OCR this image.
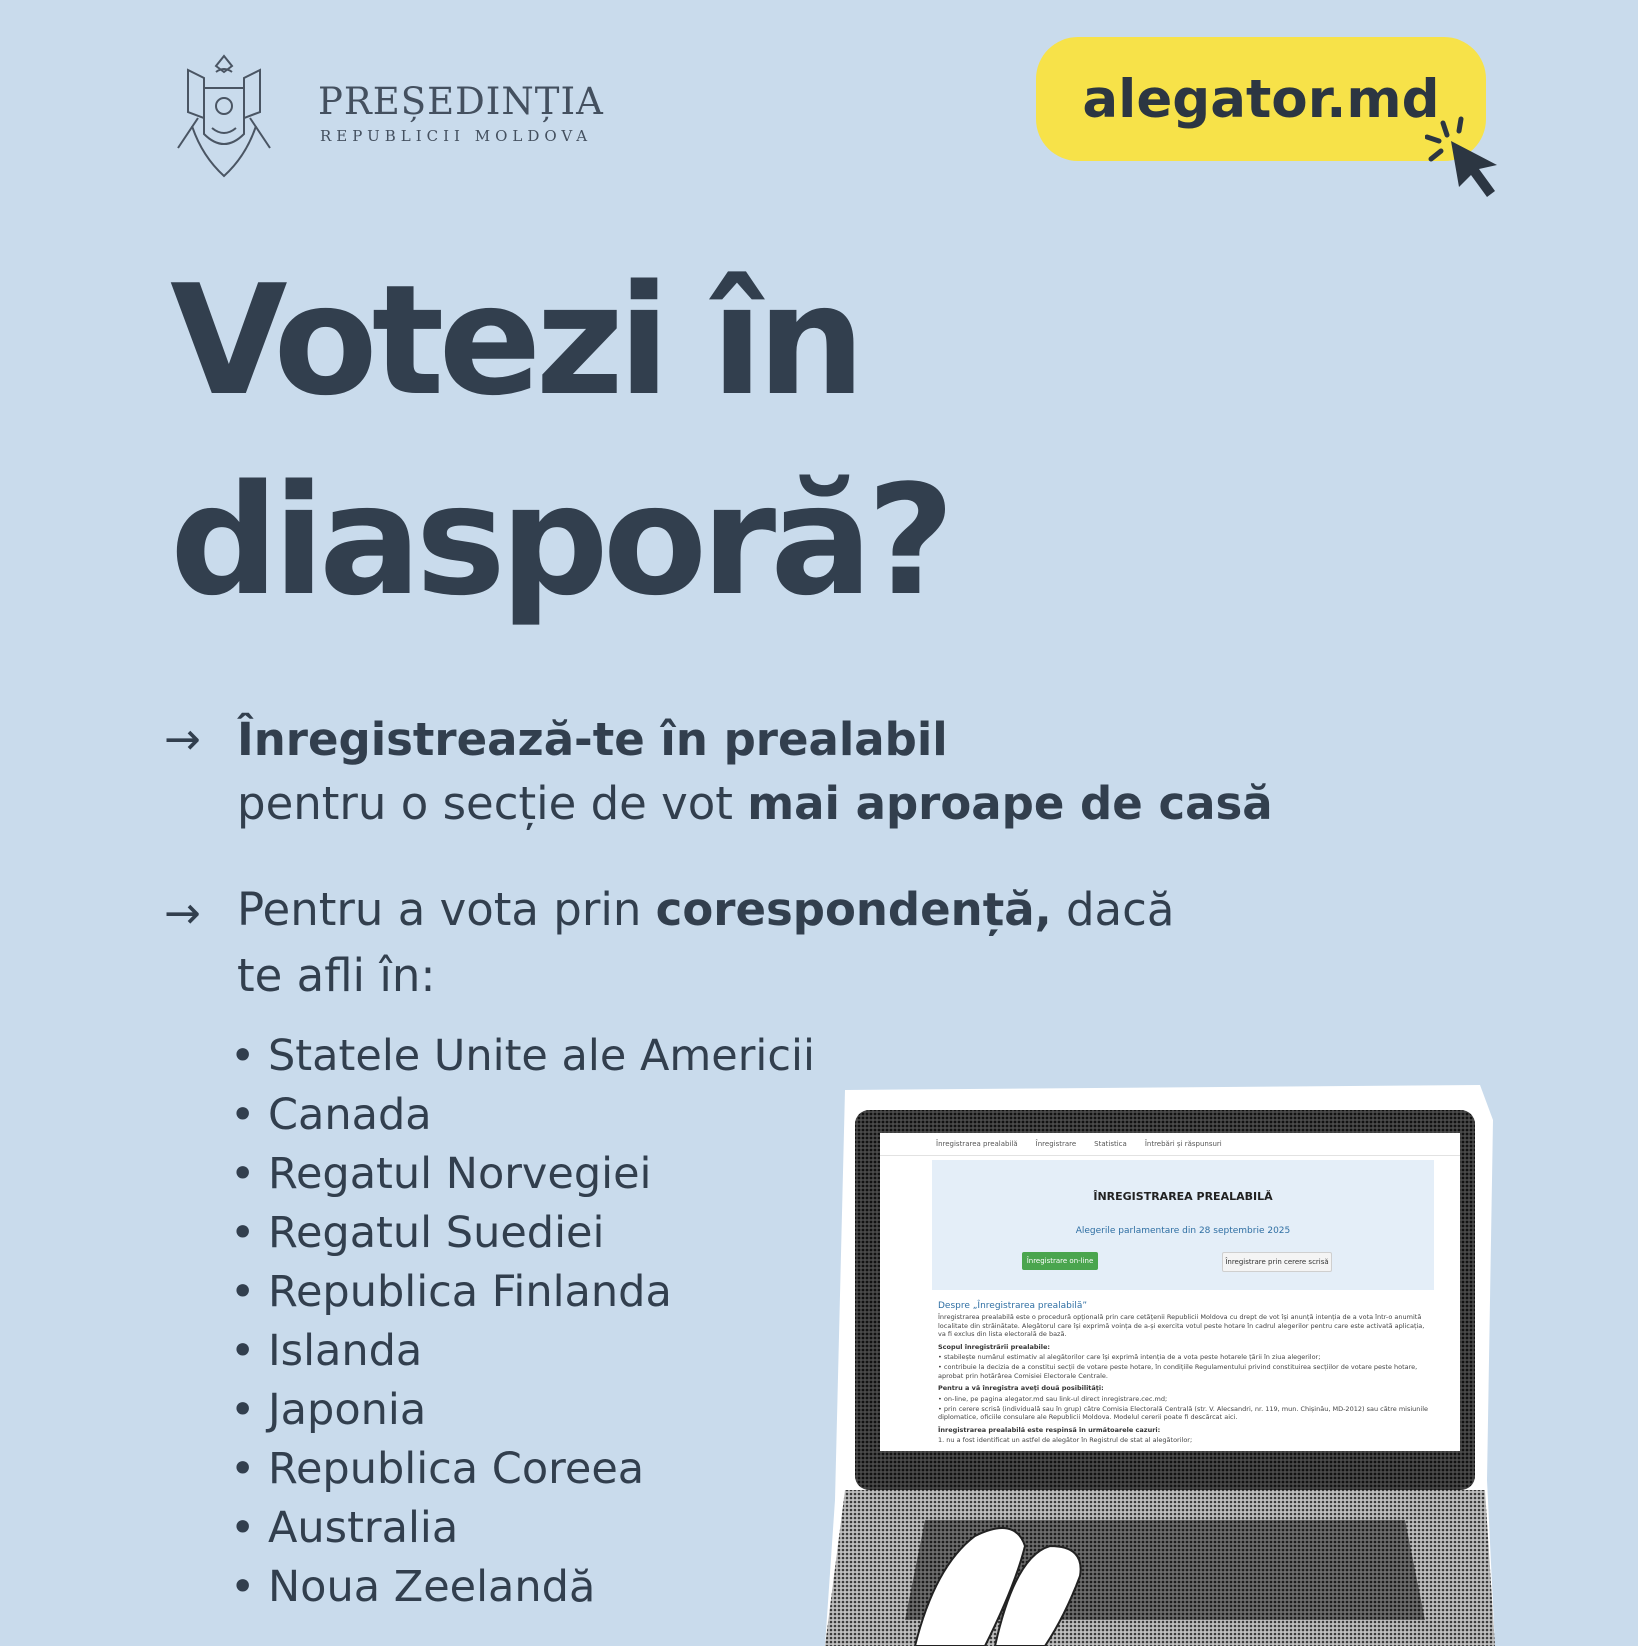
PREȘEDINȚIA
REPUBLICII MOLDOVA
alegator.md
Votezi în
diasporă?
→ Înregistrează-te în prealabil
pentru o secție de vot mai aproape de casă
→ Pentru a vota prin corespondență, dacă
te afli în:
• Statele Unite ale Americii
• Canada
• Regatul Norvegiei
• Regatul Suediei
• Republica Finlanda
• Islanda
• Japonia
• Republica Coreea
• Australia
• Noua Zeelandă
Înregistrarea prealabilă	Înregistrare	Statistica	Întrebări și răspunsuri
ÎNREGISTRAREA PREALABILĂ
Alegerile parlamentare din 28 septembrie 2025
Înregistrare on-line	Înregistrare prin cerere scrisă
Despre „Înregistrarea prealabilă”

Înregistrarea prealabilă este o procedură opțională prin care cetățenii Republicii Moldova cu drept de vot își anunță intenția de a vota într-o anumită localitate din străinătate. Alegătorul care își exprimă voința de a-și exercita votul peste hotare în cadrul alegerilor pentru care este activată aplicația, va fi exclus din lista electorală de bază.

Scopul înregistrării prealabile:

• stabilește numărul estimativ al alegătorilor care își exprimă intenția de a vota peste hotarele țării în ziua alegerilor;

• contribuie la decizia de a constitui secții de votare peste hotare, în condițiile Regulamentului privind constituirea secțiilor de votare peste hotare, aprobat prin hotărârea Comisiei Electorale Centrale.

Pentru a vă înregistra aveți două posibilități:

• on-line, pe pagina alegator.md sau link-ul direct inregistrare.cec.md;

• prin cerere scrisă (individuală sau în grup) către Comisia Electorală Centrală (str. V. Alecsandri, nr. 119, mun. Chișinău, MD-2012) sau către misiunile diplomatice, oficiile consulare ale Republicii Moldova. Modelul cererii poate fi descărcat aici.

Înregistrarea prealabilă este respinsă în următoarele cazuri:

1. nu a fost identificat un astfel de alegător în Registrul de stat al alegătorilor;
